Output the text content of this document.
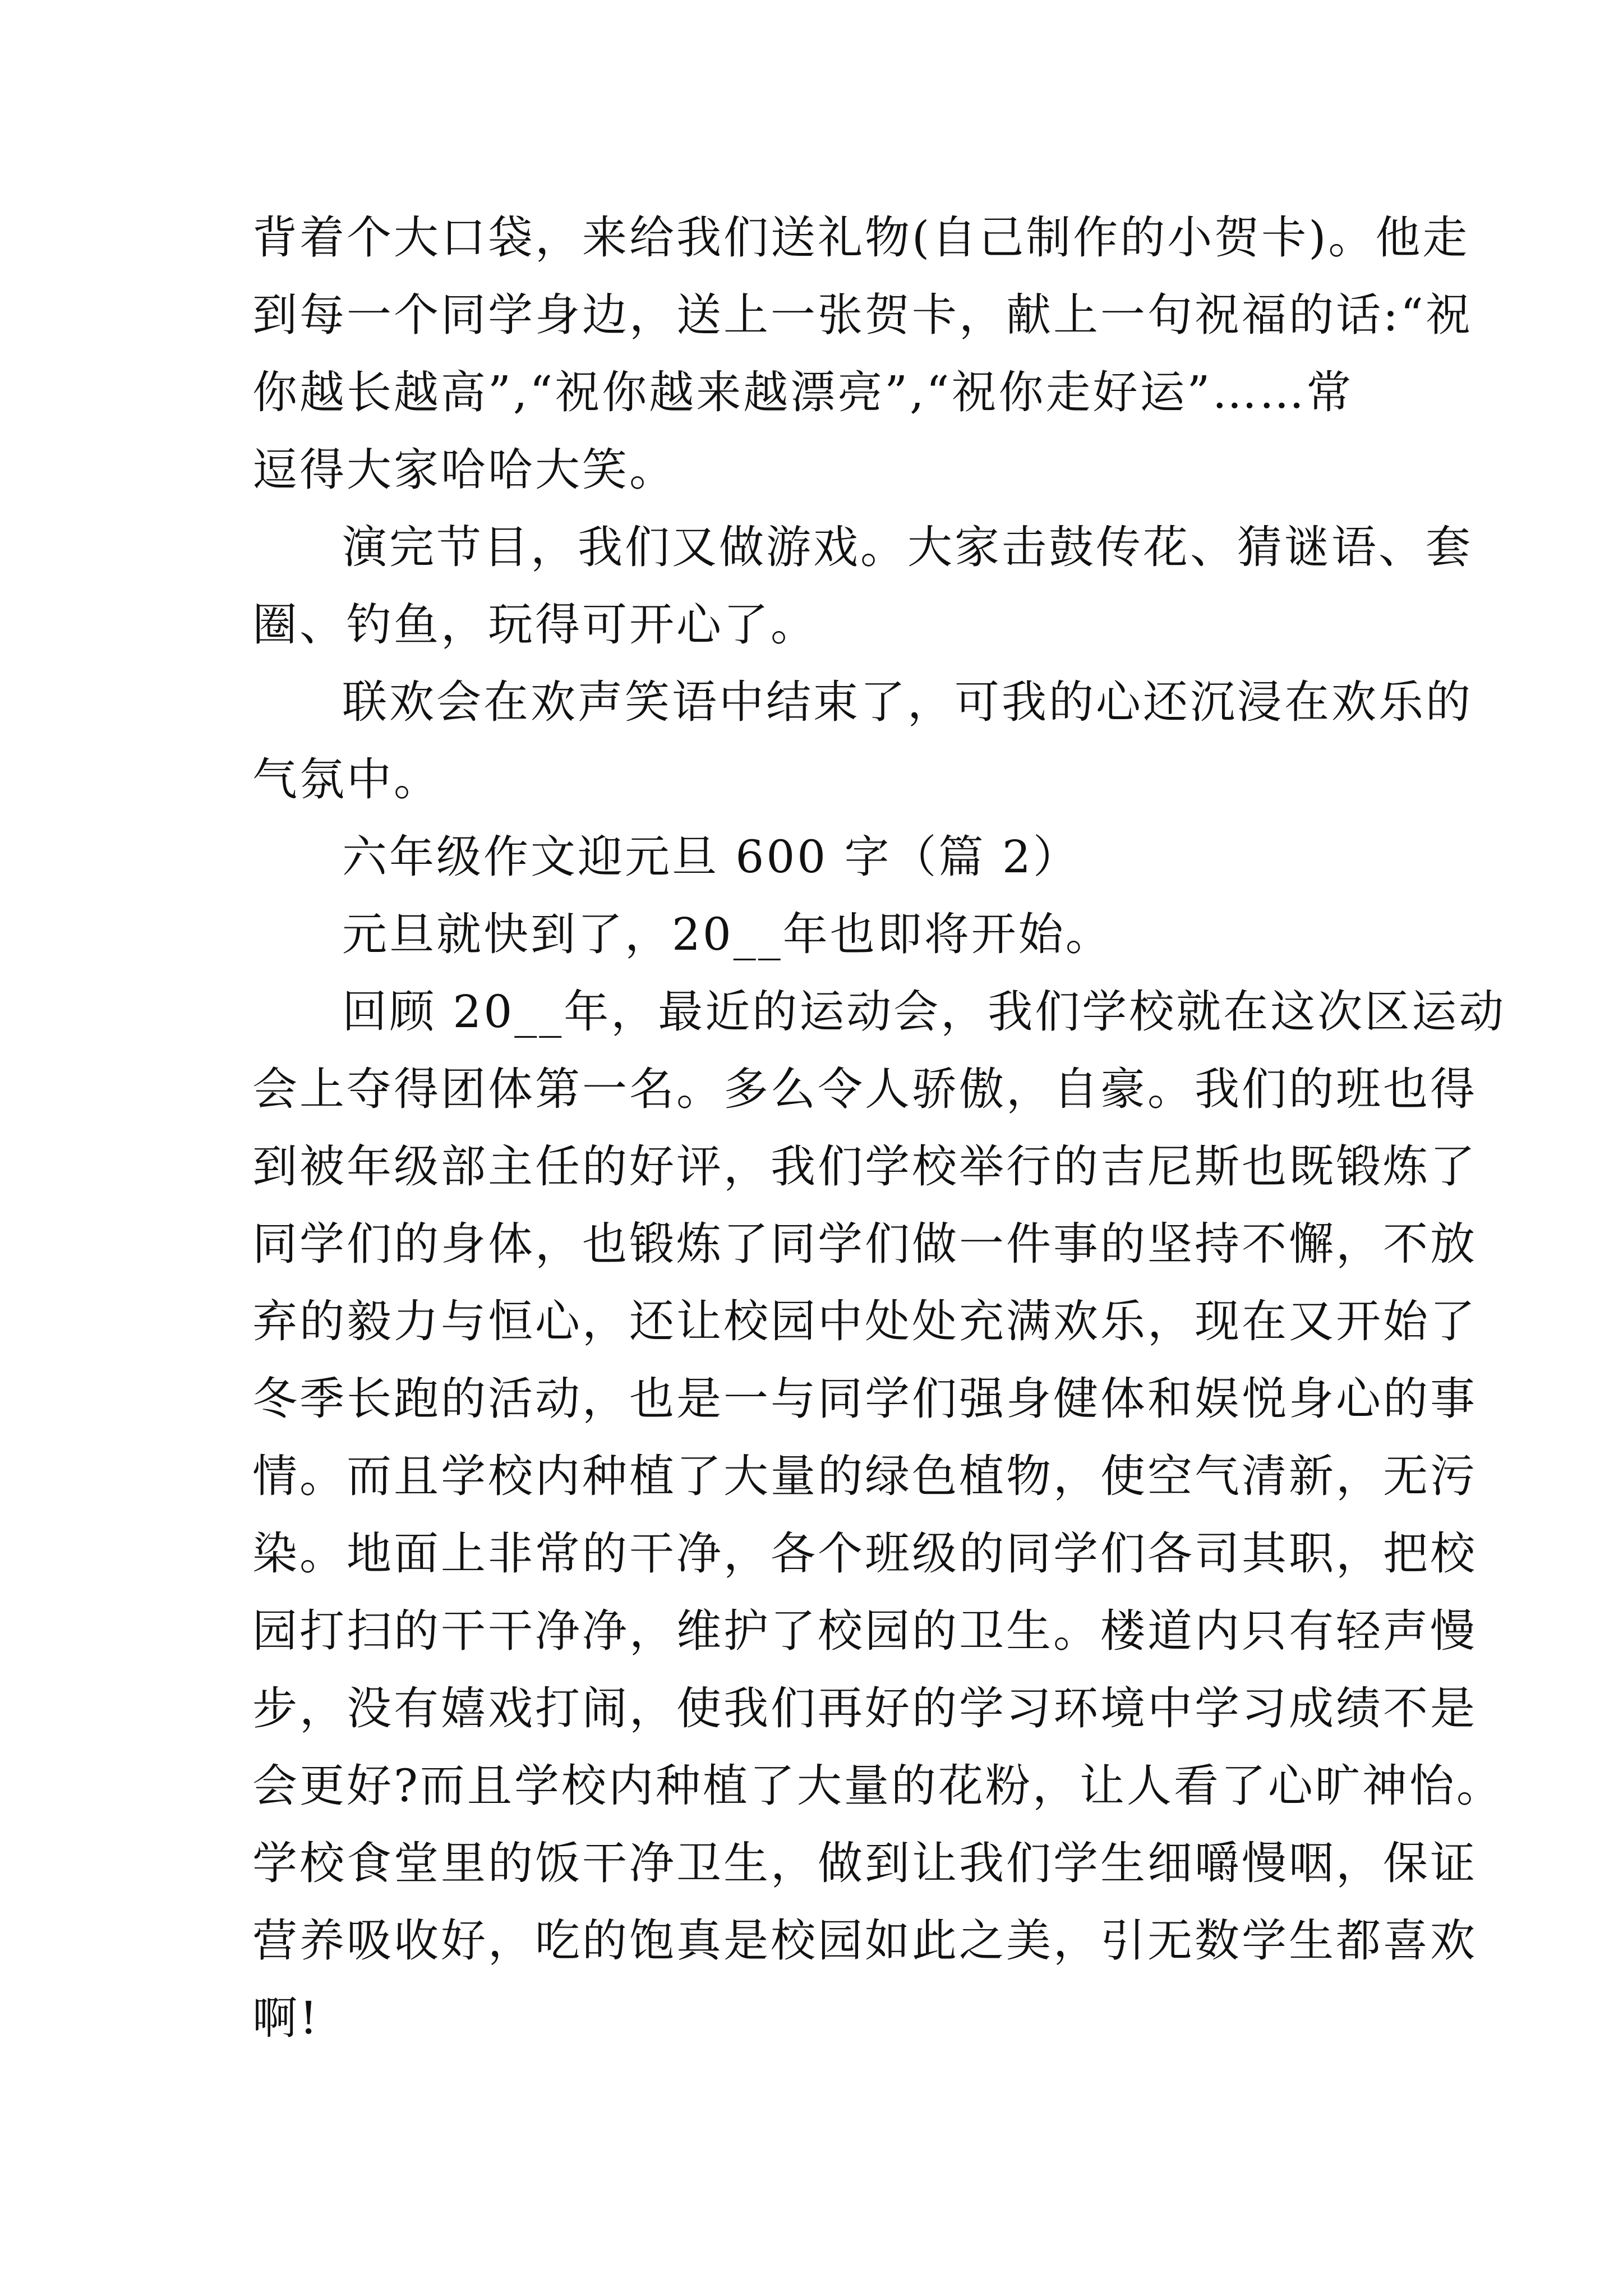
背着个大口袋，来给我们送礼物(自己制作的小贺卡)。他走
到每一个同学身边，送上一张贺卡，献上一句祝福的话:“祝
你越长越高”,“祝你越来越漂亮”,“祝你走好运”……常
逗得大家哈哈大笑。
演完节目，我们又做游戏。大家击鼓传花、猜谜语、套
圈、钓鱼，玩得可开心了。
联欢会在欢声笑语中结束了，可我的心还沉浸在欢乐的
气氛中。
六年级作文迎元旦 600 字（篇 2）
元旦就快到了，20__年也即将开始。
回顾 20__年，最近的运动会，我们学校就在这次区运动
会上夺得团体第一名。多么令人骄傲，自豪。我们的班也得
到被年级部主任的好评，我们学校举行的吉尼斯也既锻炼了
同学们的身体，也锻炼了同学们做一件事的坚持不懈，不放
弃的毅力与恒心，还让校园中处处充满欢乐，现在又开始了
冬季长跑的活动，也是一与同学们强身健体和娱悦身心的事
情。而且学校内种植了大量的绿色植物，使空气清新，无污
染。地面上非常的干净，各个班级的同学们各司其职，把校
园打扫的干干净净，维护了校园的卫生。楼道内只有轻声慢
步，没有嬉戏打闹，使我们再好的学习环境中学习成绩不是
会更好?而且学校内种植了大量的花粉，让人看了心旷神怡。
学校食堂里的饭干净卫生，做到让我们学生细嚼慢咽，保证
营养吸收好，吃的饱真是校园如此之美，引无数学生都喜欢
啊!
